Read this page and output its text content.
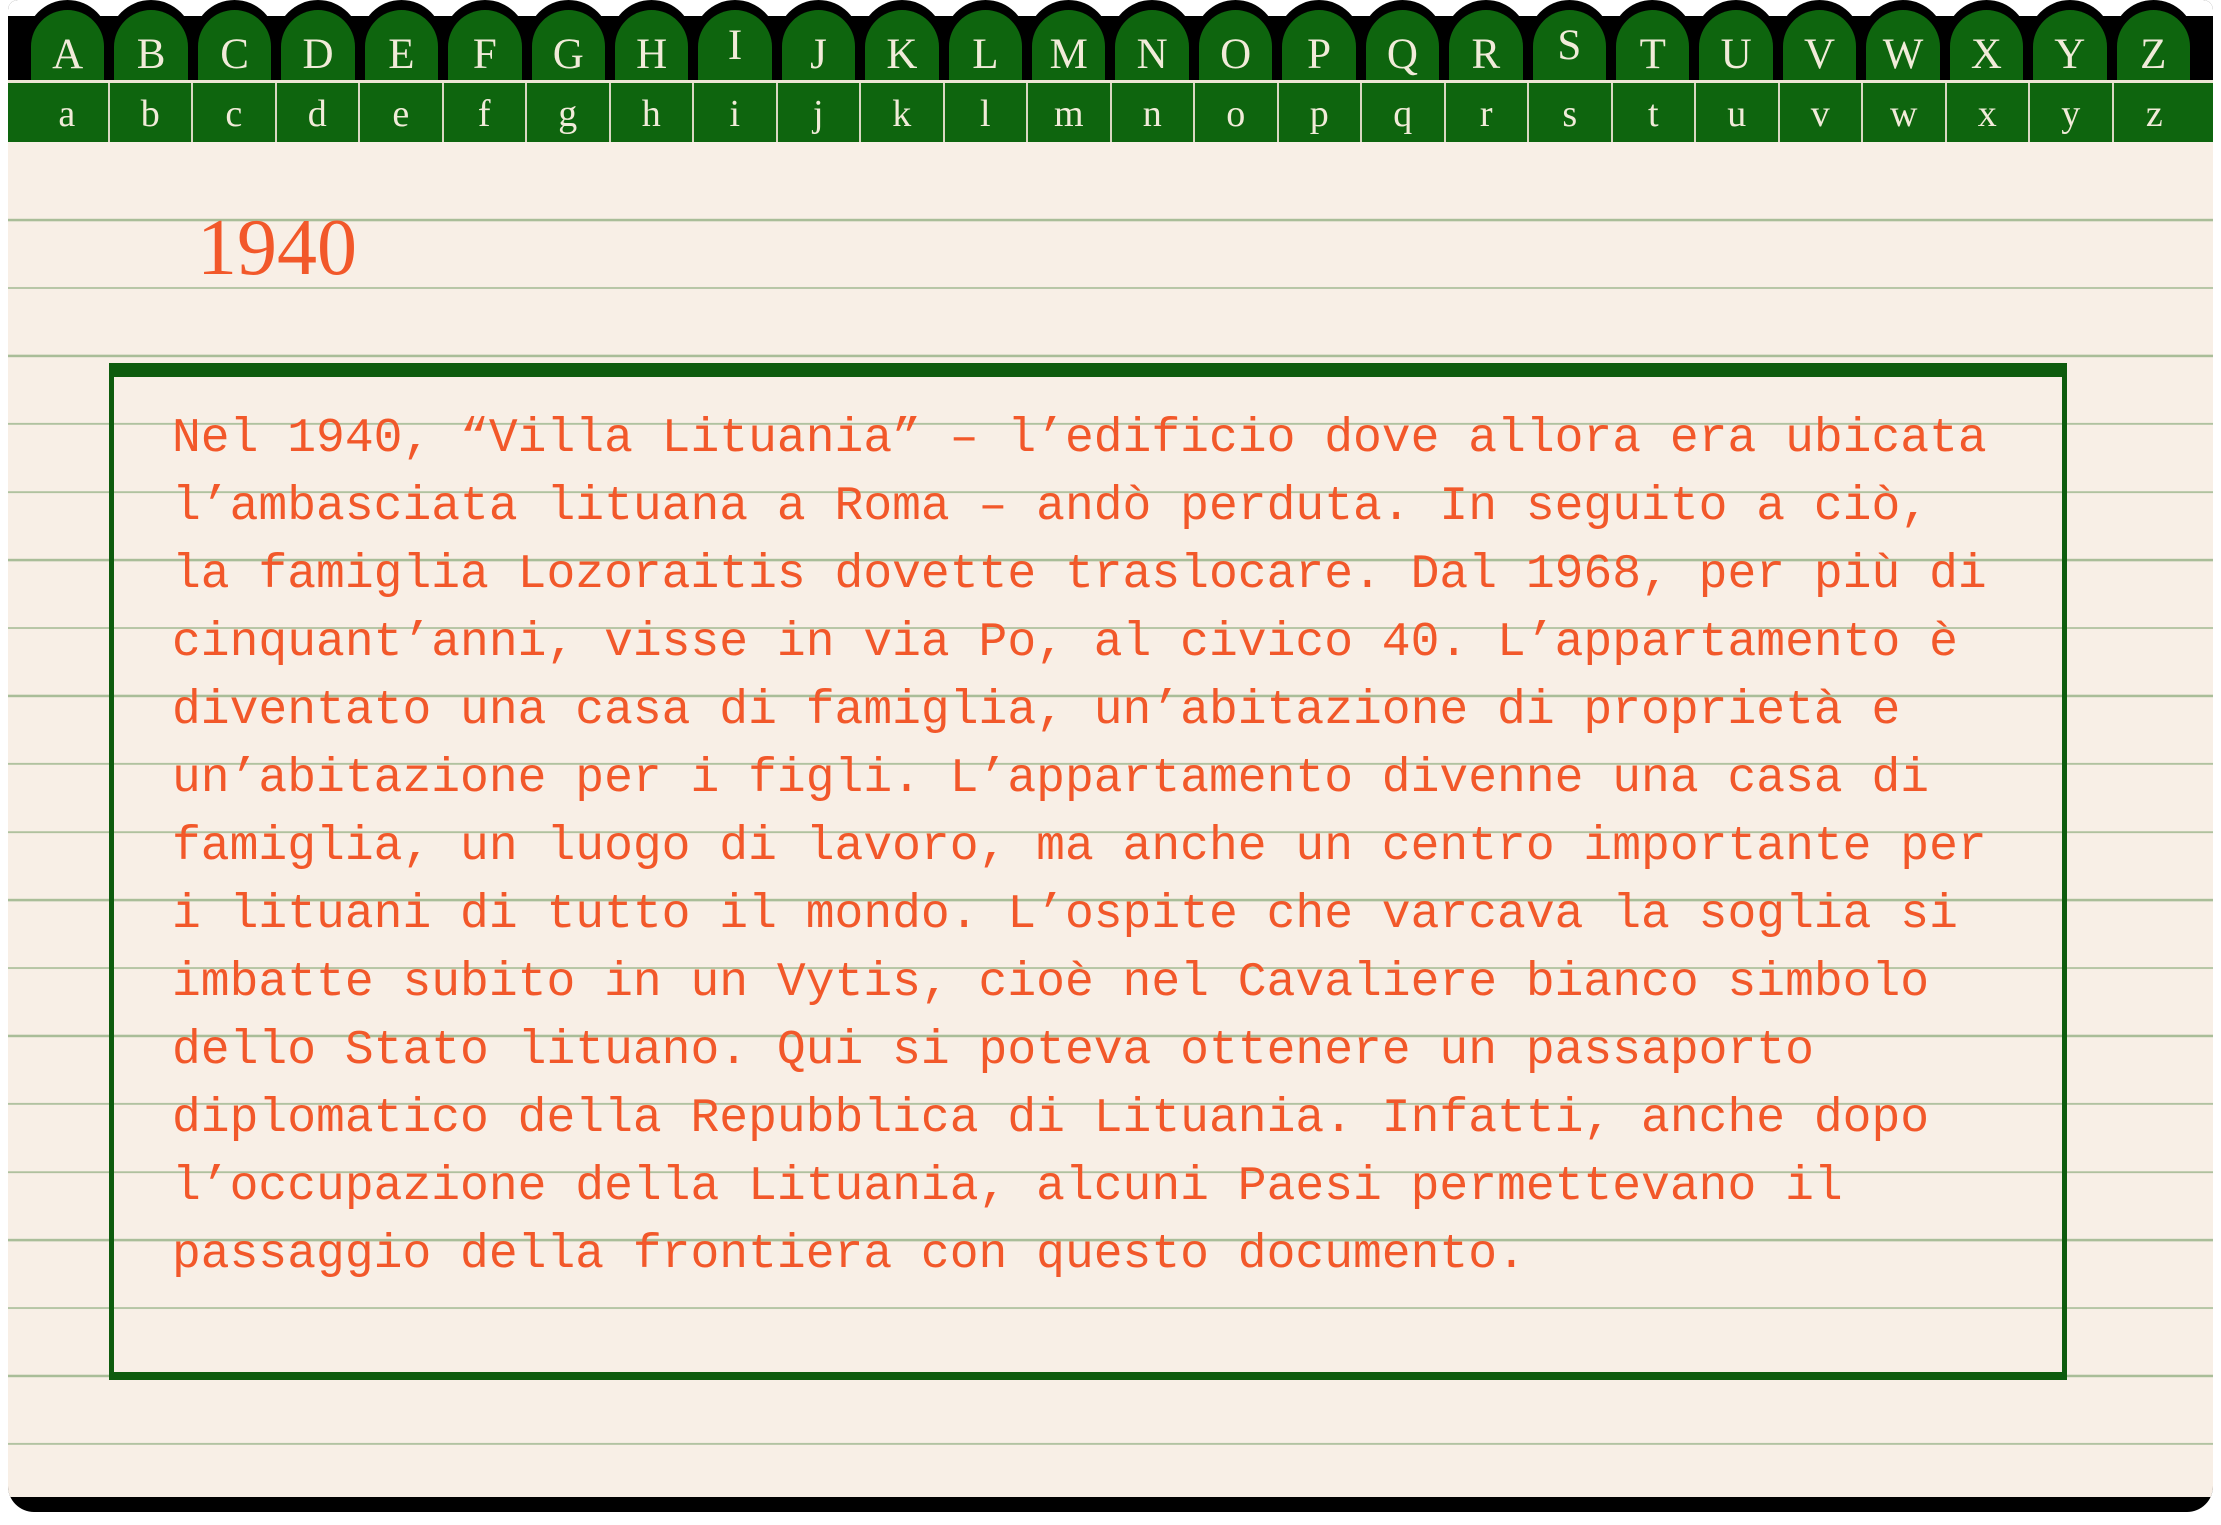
A B C D E F G H I J K L M N O P Q R S T U V W X Y Z
a b c d e f g h i j k l m n o p q r s t u v w x y z
1940
Nel 1940, “Villa Lituania” – l’edificio dove allora era ubicata
l’ambasciata lituana a Roma – andò perduta. In seguito a ciò,
la famiglia Lozoraitis dovette traslocare. Dal 1968, per più di
cinquant’anni, visse in via Po, al civico 40. L’appartamento è
diventato una casa di famiglia, un’abitazione di proprietà e
un’abitazione per i figli. L’appartamento divenne una casa di
famiglia, un luogo di lavoro, ma anche un centro importante per
i lituani di tutto il mondo. L’ospite che varcava la soglia si
imbatte subito in un Vytis, cioè nel Cavaliere bianco simbolo
dello Stato lituano. Qui si poteva ottenere un passaporto
diplomatico della Repubblica di Lituania. Infatti, anche dopo
l’occupazione della Lituania, alcuni Paesi permettevano il
passaggio della frontiera con questo documento.
